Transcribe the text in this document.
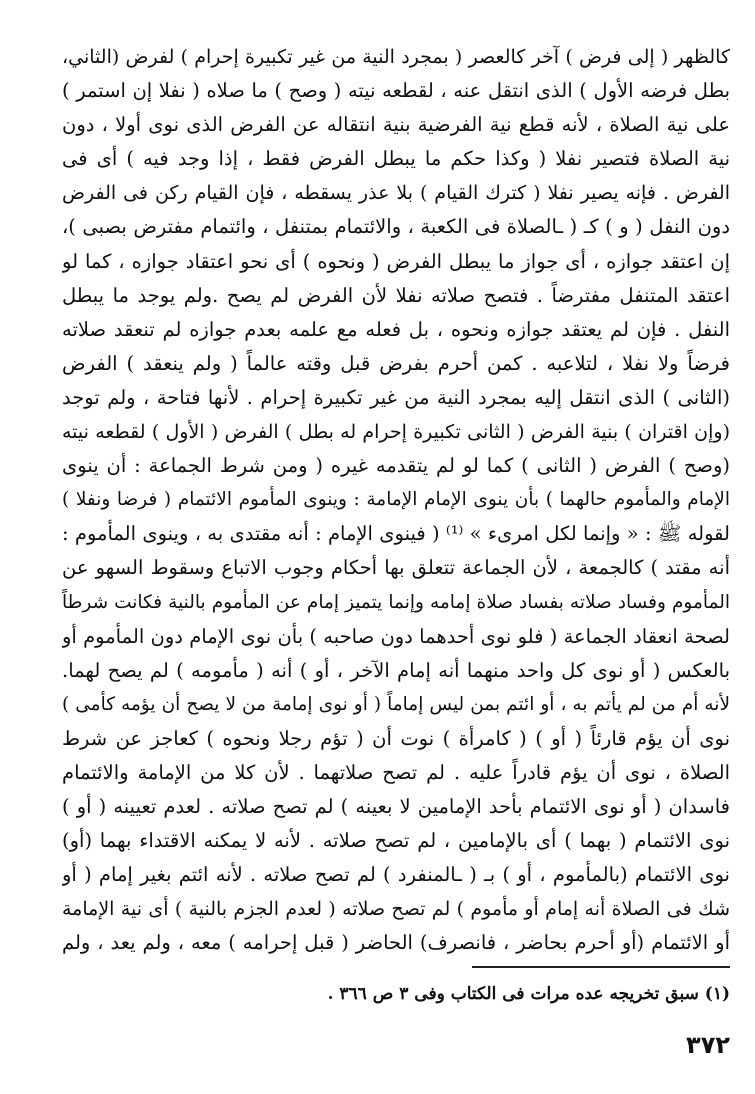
كالظهر ( إلى فرض ) آخر كالعصر ( بمجرد النية من غير تكبيرة إحرام ) لفرض (الثاني،
بطل فرضه الأول ) الذى انتقل عنه ، لقطعه نيته ( وصح ) ما صلاه ( نفلا إن استمر )
على نية الصلاة ، لأنه قطع نية الفرضية بنية انتقاله عن الفرض الذى نوى أولا ، دون
نية الصلاة فتصير نفلا ( وكذا حكم ما يبطل الفرض فقط ، إذا وجد فيه ) أى فى
الفرض . فإنه يصير نفلا ( كترك القيام ) بلا عذر يسقطه ، فإن القيام ركن فى الفرض
دون النفل ( و ) كـ ( ـالصلاة فى الكعبة ، والائتمام بمتنفل ، وائتمام مفترض بصبى )،
إن اعتقد جوازه ، أى جواز ما يبطل الفرض ( ونحوه ) أى نحو اعتقاد جوازه ، كما لو
اعتقد المتنفل مفترضاً . فتصح صلاته نفلا لأن الفرض لم يصح .ولم يوجد ما يبطل
النفل . فإن لم يعتقد جوازه ونحوه ، بل فعله مع علمه بعدم جوازه لم تنعقد صلاته
فرضاً ولا نفلا ، لتلاعبه . كمن أحرم بفرض قبل وقته عالماً ( ولم ينعقد ) الفرض
(الثانى ) الذى انتقل إليه بمجرد النية من غير تكبيرة إحرام . لأنها فتاحة ، ولم توجد
(وإن اقتران ) بنية الفرض ( الثانى تكبيرة إحرام له بطل ) الفرض ( الأول ) لقطعه نيته
(وصح ) الفرض ( الثانى ) كما لو لم يتقدمه غيره ( ومن شرط الجماعة : أن ينوى
الإمام والمأموم حالهما ) بأن ينوى الإمام الإمامة : وينوى المأموم الائتمام ( فرضا ونفلا )
لقوله ﷺ : « وإنما لكل امرىء » ⁽¹⁾ ( فينوى الإمام : أنه مقتدى به ، وينوى المأموم :
أنه مقتد ) كالجمعة ، لأن الجماعة تتعلق بها أحكام وجوب الاتباع وسقوط السهو عن
المأموم وفساد صلاته بفساد صلاة إمامه وإنما يتميز إمام عن المأموم بالنية فكانت شرطاً
لصحة انعقاد الجماعة ( فلو نوى أحدهما دون صاحبه ) بأن نوى الإمام دون المأموم أو
بالعكس ( أو نوى كل واحد منهما أنه إمام الآخر ، أو ) أنه ( مأمومه ) لم يصح لهما.
لأنه أم من لم يأتم به ، أو ائتم بمن ليس إماماً ( أو نوى إمامة من لا يصح أن يؤمه كأمى )
نوى أن يؤم قارئاً ( أو ) ( كامرأة ) نوت أن ( تؤم رجلا ونحوه ) كعاجز عن شرط
الصلاة ، نوى أن يؤم قادراً عليه . لم تصح صلاتهما . لأن كلا من الإمامة والائتمام
فاسدان ( أو نوى الائتمام بأحد الإمامين لا بعينه ) لم تصح صلاته . لعدم تعيينه ( أو )
نوى الائتمام ( بهما ) أى بالإمامين ، لم تصح صلاته . لأنه لا يمكنه الاقتداء بهما (أو)
نوى الائتمام (بالمأموم ، أو ) بـ ( ـالمنفرد ) لم تصح صلاته . لأنه ائتم بغير إمام ( أو
شك فى الصلاة أنه إمام أو مأموم ) لم تصح صلاته ( لعدم الجزم بالنية ) أى نية الإمامة
أو الائتمام (أو أحرم بحاضر ، فانصرف) الحاضر ( قبل إحرامه ) معه ، ولم يعد ، ولم
(١) سبق تخريجه عده مرات فى الكتاب وفى ٣ ص ٣٦٦ .
٣٧٢
